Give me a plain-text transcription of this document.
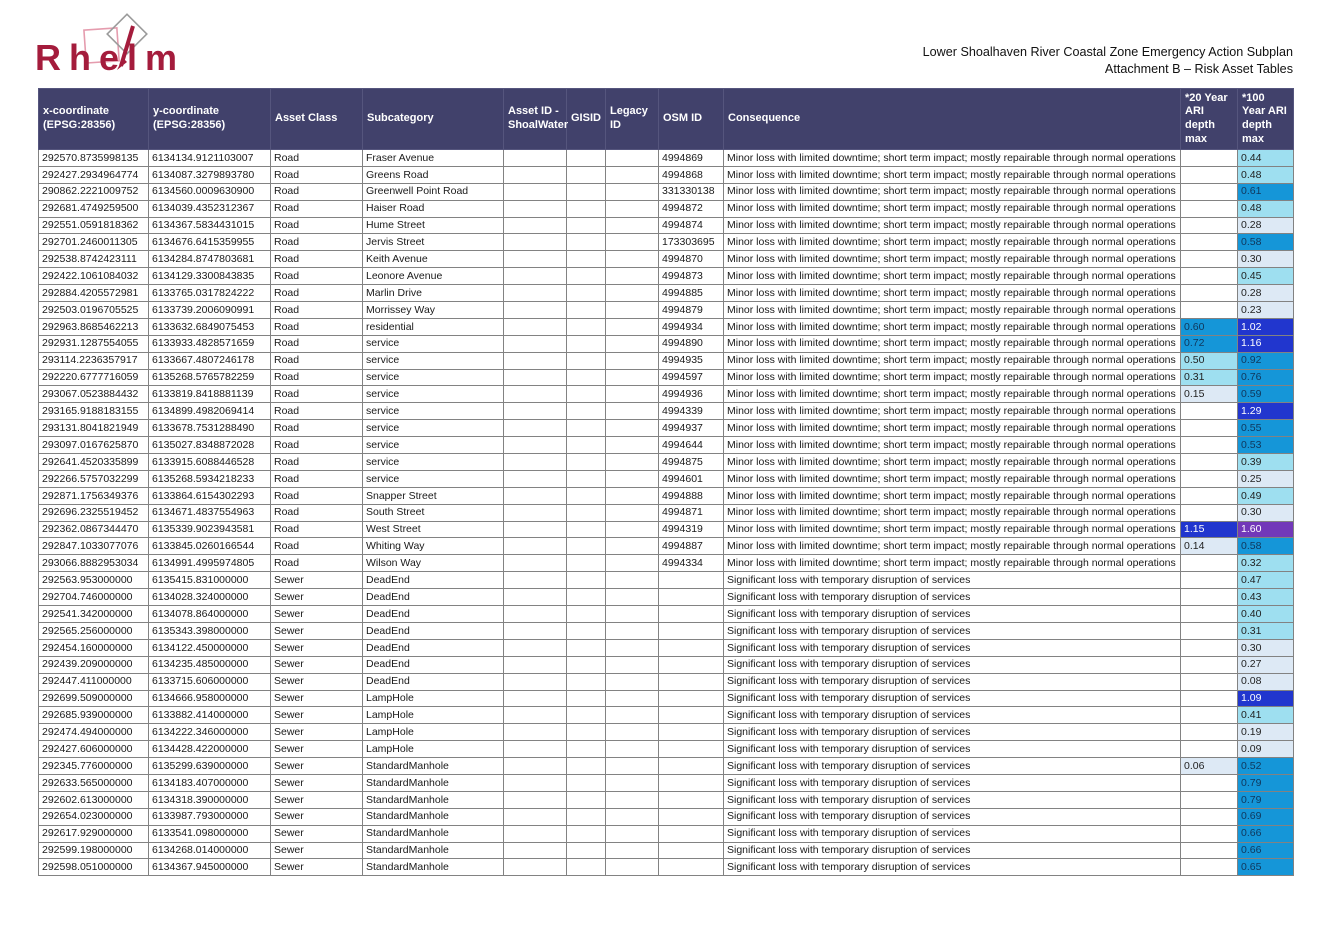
Rhelm	Lower Shoalhaven River Coastal Zone Emergency Action Subplan
Attachment B – Risk Asset Tables
x-coordinate (EPSG:28356)	y-coordinate (EPSG:28356)	Asset Class	Subcategory	Asset ID - ShoalWater	GISID	Legacy ID	OSM ID	Consequence	*20 Year ARI depth max	*100 Year ARI depth max
292570.8735998135	6134134.9121103007	Road	Fraser Avenue				4994869	Minor loss with limited downtime; short term impact; mostly repairable through normal operations		0.44
292427.2934964774	6134087.3279893780	Road	Greens Road				4994868	Minor loss with limited downtime; short term impact; mostly repairable through normal operations		0.48
290862.2221009752	6134560.0009630900	Road	Greenwell Point Road				331330138	Minor loss with limited downtime; short term impact; mostly repairable through normal operations		0.61
292681.4749259500	6134039.4352312367	Road	Haiser Road				4994872	Minor loss with limited downtime; short term impact; mostly repairable through normal operations		0.48
292551.0591818362	6134367.5834431015	Road	Hume Street				4994874	Minor loss with limited downtime; short term impact; mostly repairable through normal operations		0.28
292701.2460011305	6134676.6415359955	Road	Jervis Street				173303695	Minor loss with limited downtime; short term impact; mostly repairable through normal operations		0.58
292538.8742423111	6134284.8747803681	Road	Keith Avenue				4994870	Minor loss with limited downtime; short term impact; mostly repairable through normal operations		0.30
292422.1061084032	6134129.3300843835	Road	Leonore Avenue				4994873	Minor loss with limited downtime; short term impact; mostly repairable through normal operations		0.45
292884.4205572981	6133765.0317824222	Road	Marlin Drive				4994885	Minor loss with limited downtime; short term impact; mostly repairable through normal operations		0.28
292503.0196705525	6133739.2006090991	Road	Morrissey Way				4994879	Minor loss with limited downtime; short term impact; mostly repairable through normal operations		0.23
292963.8685462213	6133632.6849075453	Road	residential				4994934	Minor loss with limited downtime; short term impact; mostly repairable through normal operations	0.60	1.02
292931.1287554055	6133933.4828571659	Road	service				4994890	Minor loss with limited downtime; short term impact; mostly repairable through normal operations	0.72	1.16
293114.2236357917	6133667.4807246178	Road	service				4994935	Minor loss with limited downtime; short term impact; mostly repairable through normal operations	0.50	0.92
292220.6777716059	6135268.5765782259	Road	service				4994597	Minor loss with limited downtime; short term impact; mostly repairable through normal operations	0.31	0.76
293067.0523884432	6133819.8418881139	Road	service				4994936	Minor loss with limited downtime; short term impact; mostly repairable through normal operations	0.15	0.59
293165.9188183155	6134899.4982069414	Road	service				4994339	Minor loss with limited downtime; short term impact; mostly repairable through normal operations		1.29
293131.8041821949	6133678.7531288490	Road	service				4994937	Minor loss with limited downtime; short term impact; mostly repairable through normal operations		0.55
293097.0167625870	6135027.8348872028	Road	service				4994644	Minor loss with limited downtime; short term impact; mostly repairable through normal operations		0.53
292641.4520335899	6133915.6088446528	Road	service				4994875	Minor loss with limited downtime; short term impact; mostly repairable through normal operations		0.39
292266.5757032299	6135268.5934218233	Road	service				4994601	Minor loss with limited downtime; short term impact; mostly repairable through normal operations		0.25
292871.1756349376	6133864.6154302293	Road	Snapper Street				4994888	Minor loss with limited downtime; short term impact; mostly repairable through normal operations		0.49
292696.2325519452	6134671.4837554963	Road	South Street				4994871	Minor loss with limited downtime; short term impact; mostly repairable through normal operations		0.30
292362.0867344470	6135339.9023943581	Road	West Street				4994319	Minor loss with limited downtime; short term impact; mostly repairable through normal operations	1.15	1.60
292847.1033077076	6133845.0260166544	Road	Whiting Way				4994887	Minor loss with limited downtime; short term impact; mostly repairable through normal operations	0.14	0.58
293066.8882953034	6134991.4995974805	Road	Wilson Way				4994334	Minor loss with limited downtime; short term impact; mostly repairable through normal operations		0.32
292563.953000000	6135415.831000000	Sewer	DeadEnd					Significant loss with temporary disruption of services		0.47
292704.746000000	6134028.324000000	Sewer	DeadEnd					Significant loss with temporary disruption of services		0.43
292541.342000000	6134078.864000000	Sewer	DeadEnd					Significant loss with temporary disruption of services		0.40
292565.256000000	6135343.398000000	Sewer	DeadEnd					Significant loss with temporary disruption of services		0.31
292454.160000000	6134122.450000000	Sewer	DeadEnd					Significant loss with temporary disruption of services		0.30
292439.209000000	6134235.485000000	Sewer	DeadEnd					Significant loss with temporary disruption of services		0.27
292447.411000000	6133715.606000000	Sewer	DeadEnd					Significant loss with temporary disruption of services		0.08
292699.509000000	6134666.958000000	Sewer	LampHole					Significant loss with temporary disruption of services		1.09
292685.939000000	6133882.414000000	Sewer	LampHole					Significant loss with temporary disruption of services		0.41
292474.494000000	6134222.346000000	Sewer	LampHole					Significant loss with temporary disruption of services		0.19
292427.606000000	6134428.422000000	Sewer	LampHole					Significant loss with temporary disruption of services		0.09
292345.776000000	6135299.639000000	Sewer	StandardManhole					Significant loss with temporary disruption of services	0.06	0.52
292633.565000000	6134183.407000000	Sewer	StandardManhole					Significant loss with temporary disruption of services		0.79
292602.613000000	6134318.390000000	Sewer	StandardManhole					Significant loss with temporary disruption of services		0.79
292654.023000000	6133987.793000000	Sewer	StandardManhole					Significant loss with temporary disruption of services		0.69
292617.929000000	6133541.098000000	Sewer	StandardManhole					Significant loss with temporary disruption of services		0.66
292599.198000000	6134268.014000000	Sewer	StandardManhole					Significant loss with temporary disruption of services		0.66
292598.051000000	6134367.945000000	Sewer	StandardManhole					Significant loss with temporary disruption of services		0.65
